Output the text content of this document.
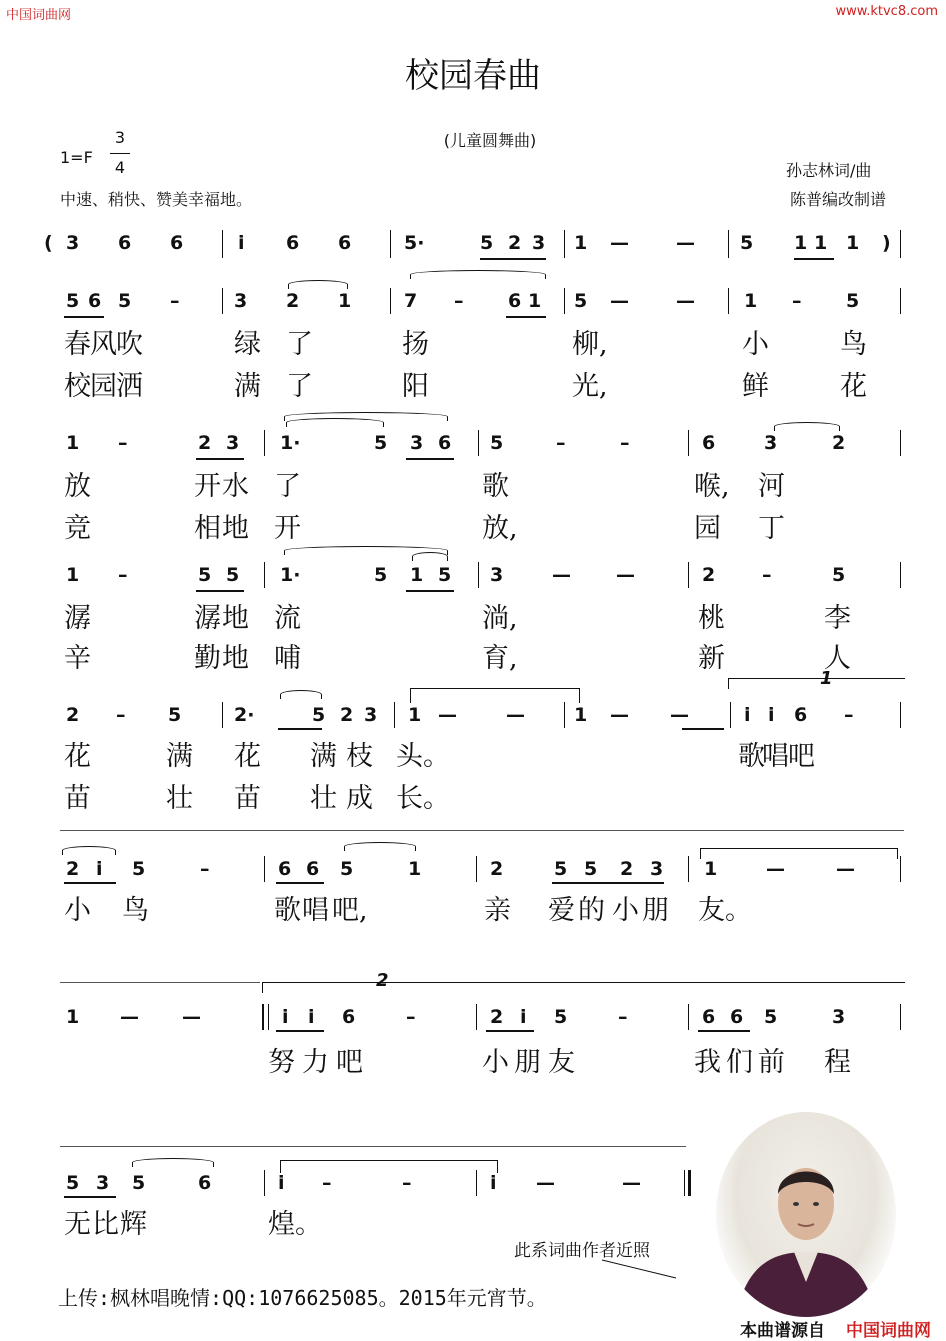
中国词曲网	www.ktvc8.com
校园春曲
(儿童圆舞曲)
1=F
3
4
中速、稍快、赞美幸福地。
孙志林词/曲
陈普编改制谱
( 3 6 6	i 6 6	5·	5 2 3 1 — — 5 1 1 1 )
5 6 5 –	3 2 1	7 – 6 1 5 — —	1 – 5
春 风 吹	绿 了	扬	柳,	小	鸟
校 园 洒	满 了	阳	光,	鲜	花
1 –	2 3 1·	5 3 6 5	–	–	6	3	2
放	开 了	歌	喉, 河
水
竞	相 地 开	放,	园 丁
1 –	5 5 1·	5 1 5 3	— —	2 –	5
潺	潺 地 流	淌,	桃	李
辛	勤 地 哺	育,	新	人
1
2 – 5	2·	5 2 3 1 —	—	1 — —	i i 6 –
花	满 花 满 枝 头。	歌
唱 吧
苗	壮 苗 壮 成 长。
2 i 5	–	6 6 5	1	2	5 5 2 3 1	—	—
小 鸟	歌 唱 吧,	亲 爱 的 小 朋 友。
2
1 — —	i i 6	–	2 i 5	–	6 6 5	3
努 力 吧	小 朋 友	我 们 前 程
5 3 5	6	i –	–	i —	—
无 比 辉	煌。
此系词曲作者近照
上传:枫林唱晚情:QQ:1076625085。2015年元宵节。
本曲谱源自 中国词曲网
